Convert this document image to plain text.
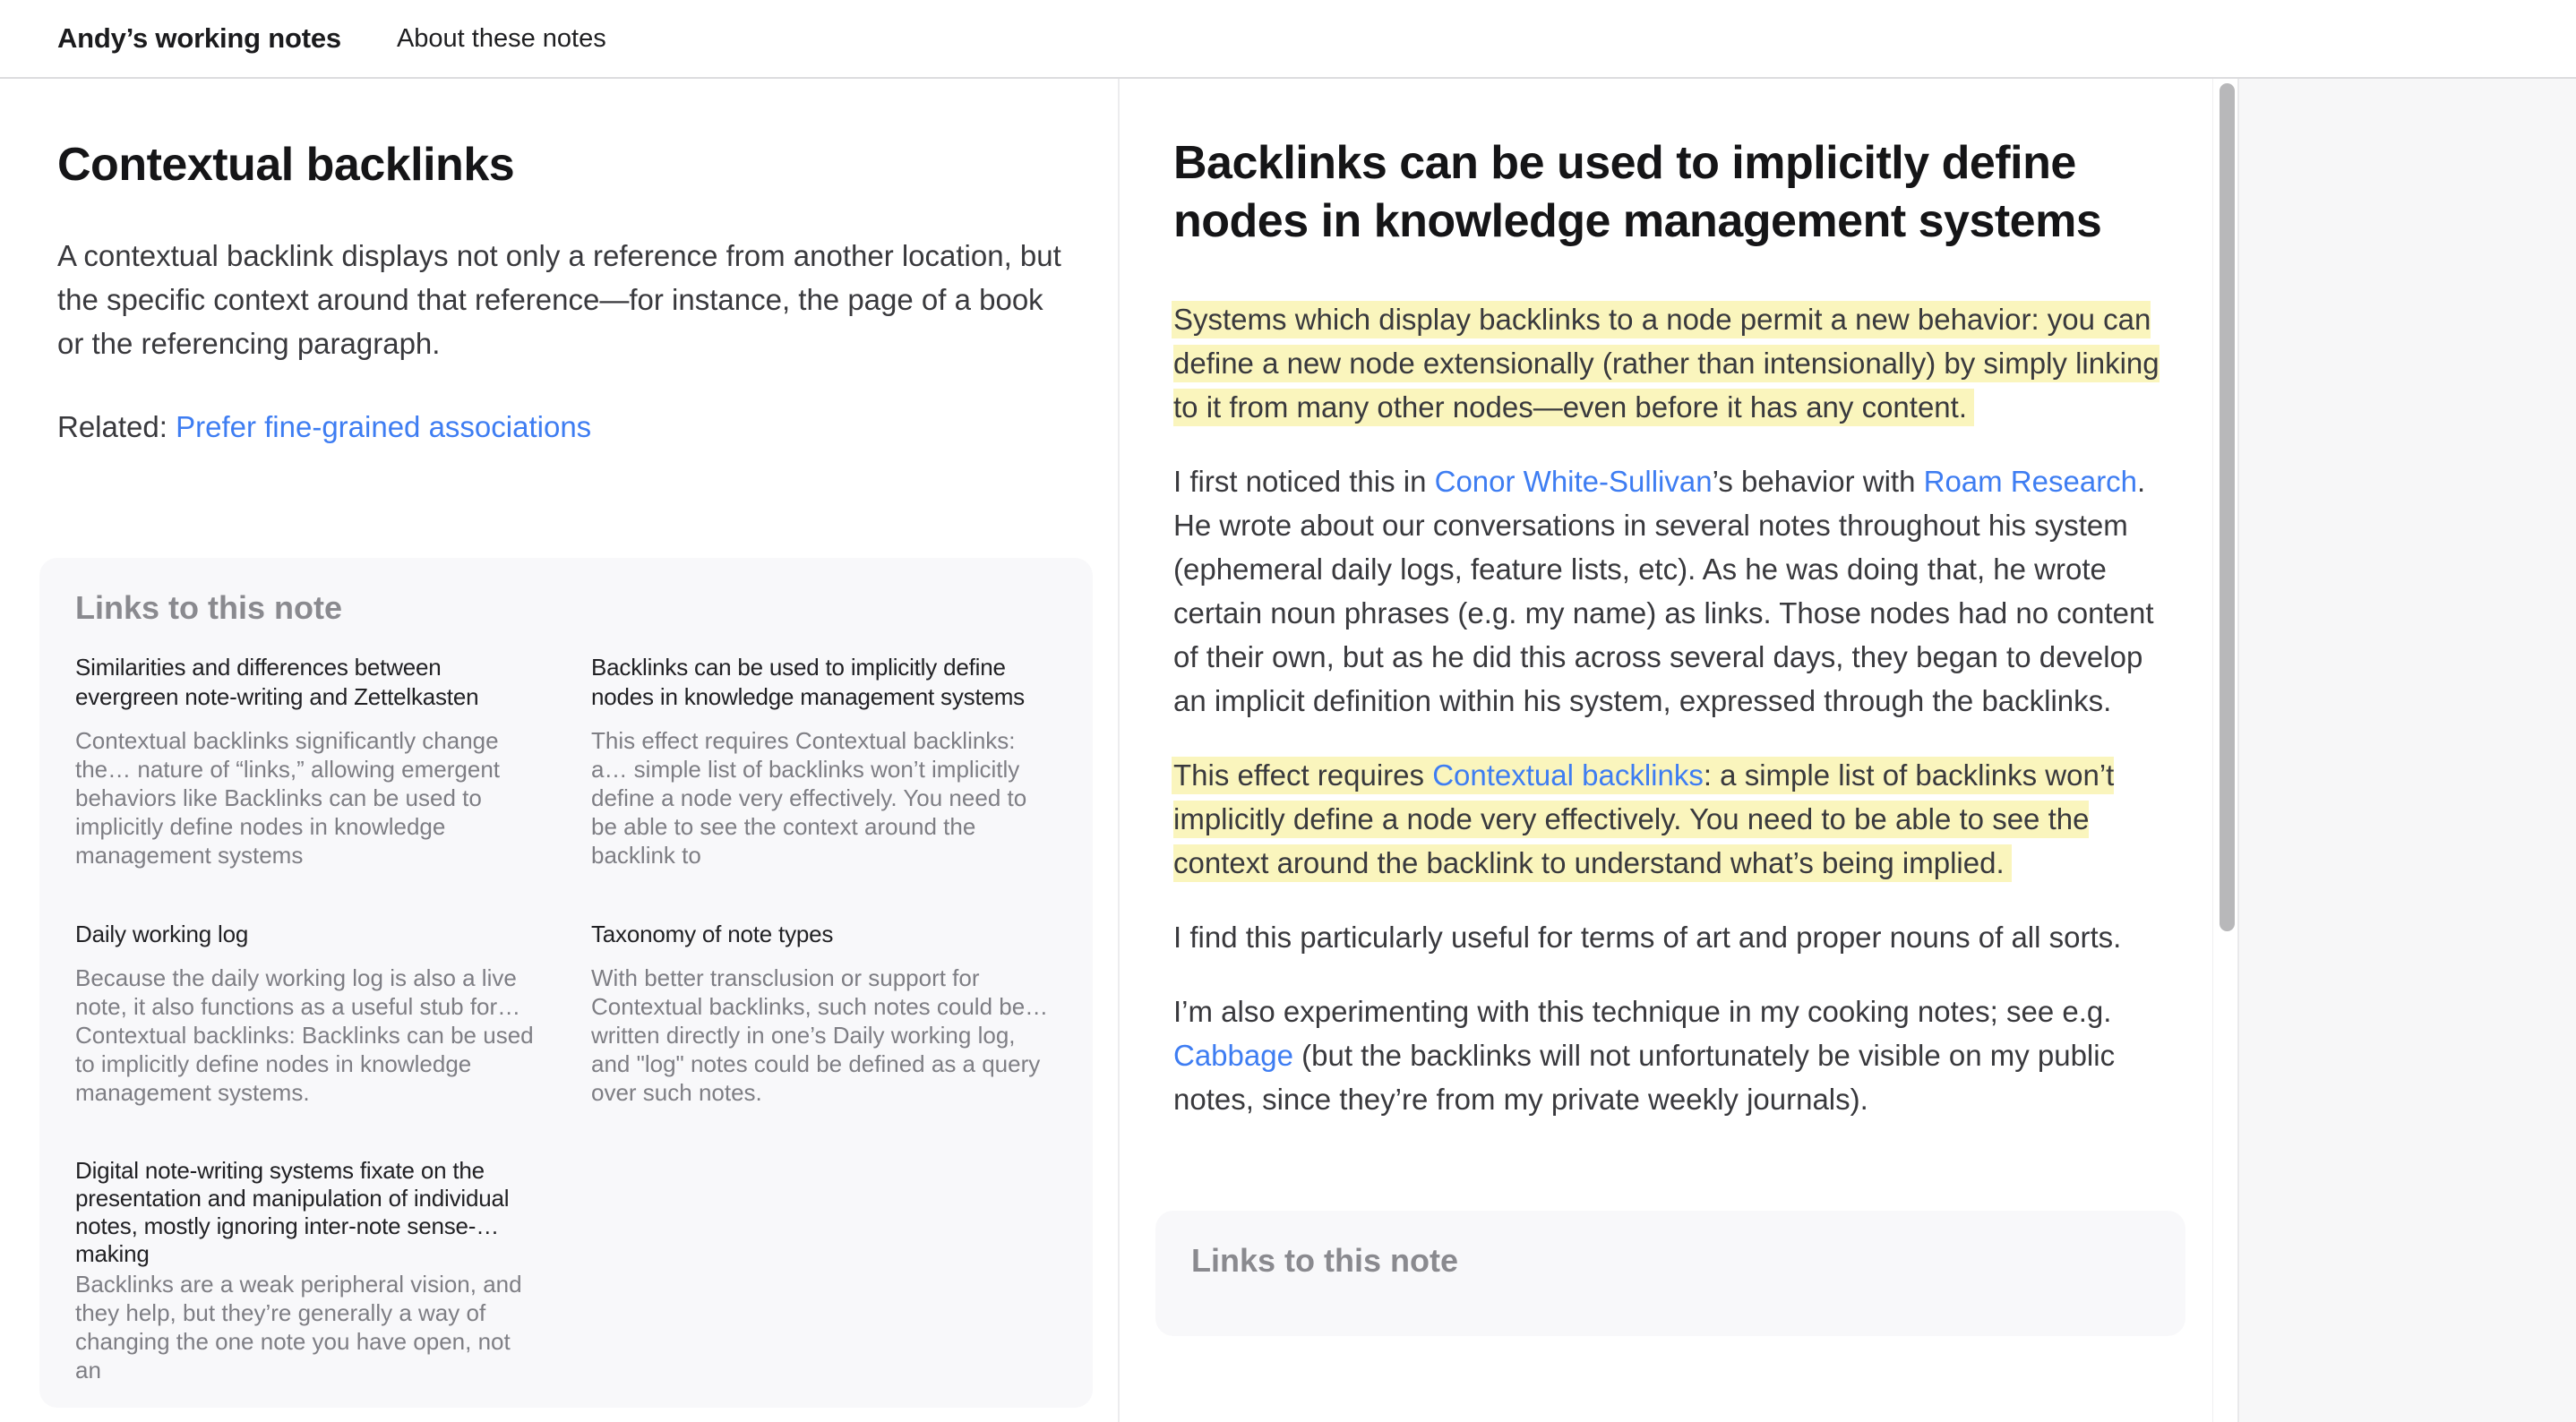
Andy’s working notes About these notes
Contextual backlinks

A contextual backlink displays not only a reference from another location, but the specific context around that reference—for instance, the page of a book or the referencing paragraph.

Related: Prefer fine-grained associations

Links to this note
Similarities and differences between evergreen note-writing and Zettelkasten

Contextual backlinks significantly change the… nature of “links,” allowing emergent behaviors like Backlinks can be used to implicitly define nodes in knowledge management systems

Backlinks can be used to implicitly define nodes in knowledge management systems

This effect requires Contextual backlinks: a… simple list of backlinks won’t implicitly define a node very effectively. You need to be able to see the context around the backlink to

Daily working log

Because the daily working log is also a live note, it also functions as a useful stub for… Contextual backlinks: Backlinks can be used to implicitly define nodes in knowledge management systems.

Taxonomy of note types

With better transclusion or support for Contextual backlinks, such notes could be… written directly in one’s Daily working log, and "log" notes could be defined as a query over such notes.

Digital note-writing systems fixate on the presentation and manipulation of individual notes, mostly ignoring inter-note sense-… making

Backlinks are a weak peripheral vision, and they help, but they’re generally a way of changing the one note you have open, not an

Backlinks can be used to implicitly define nodes in knowledge management systems

Systems which display backlinks to a node permit a new behavior: you can define a new node extensionally (rather than intensionally) by simply linking to it from many other nodes—even before it has any content.

I first noticed this in Conor White-Sullivan’s behavior with Roam Research. He wrote about our conversations in several notes throughout his system (ephemeral daily logs, feature lists, etc). As he was doing that, he wrote certain noun phrases (e.g. my name) as links. Those nodes had no content of their own, but as he did this across several days, they began to develop an implicit definition within his system, expressed through the backlinks.

This effect requires Contextual backlinks: a simple list of backlinks won’t implicitly define a node very effectively. You need to be able to see the context around the backlink to understand what’s being implied.

I find this particularly useful for terms of art and proper nouns of all sorts.

I’m also experimenting with this technique in my cooking notes; see e.g. Cabbage (but the backlinks will not unfortunately be visible on my public notes, since they’re from my private weekly journals).

Links to this note
